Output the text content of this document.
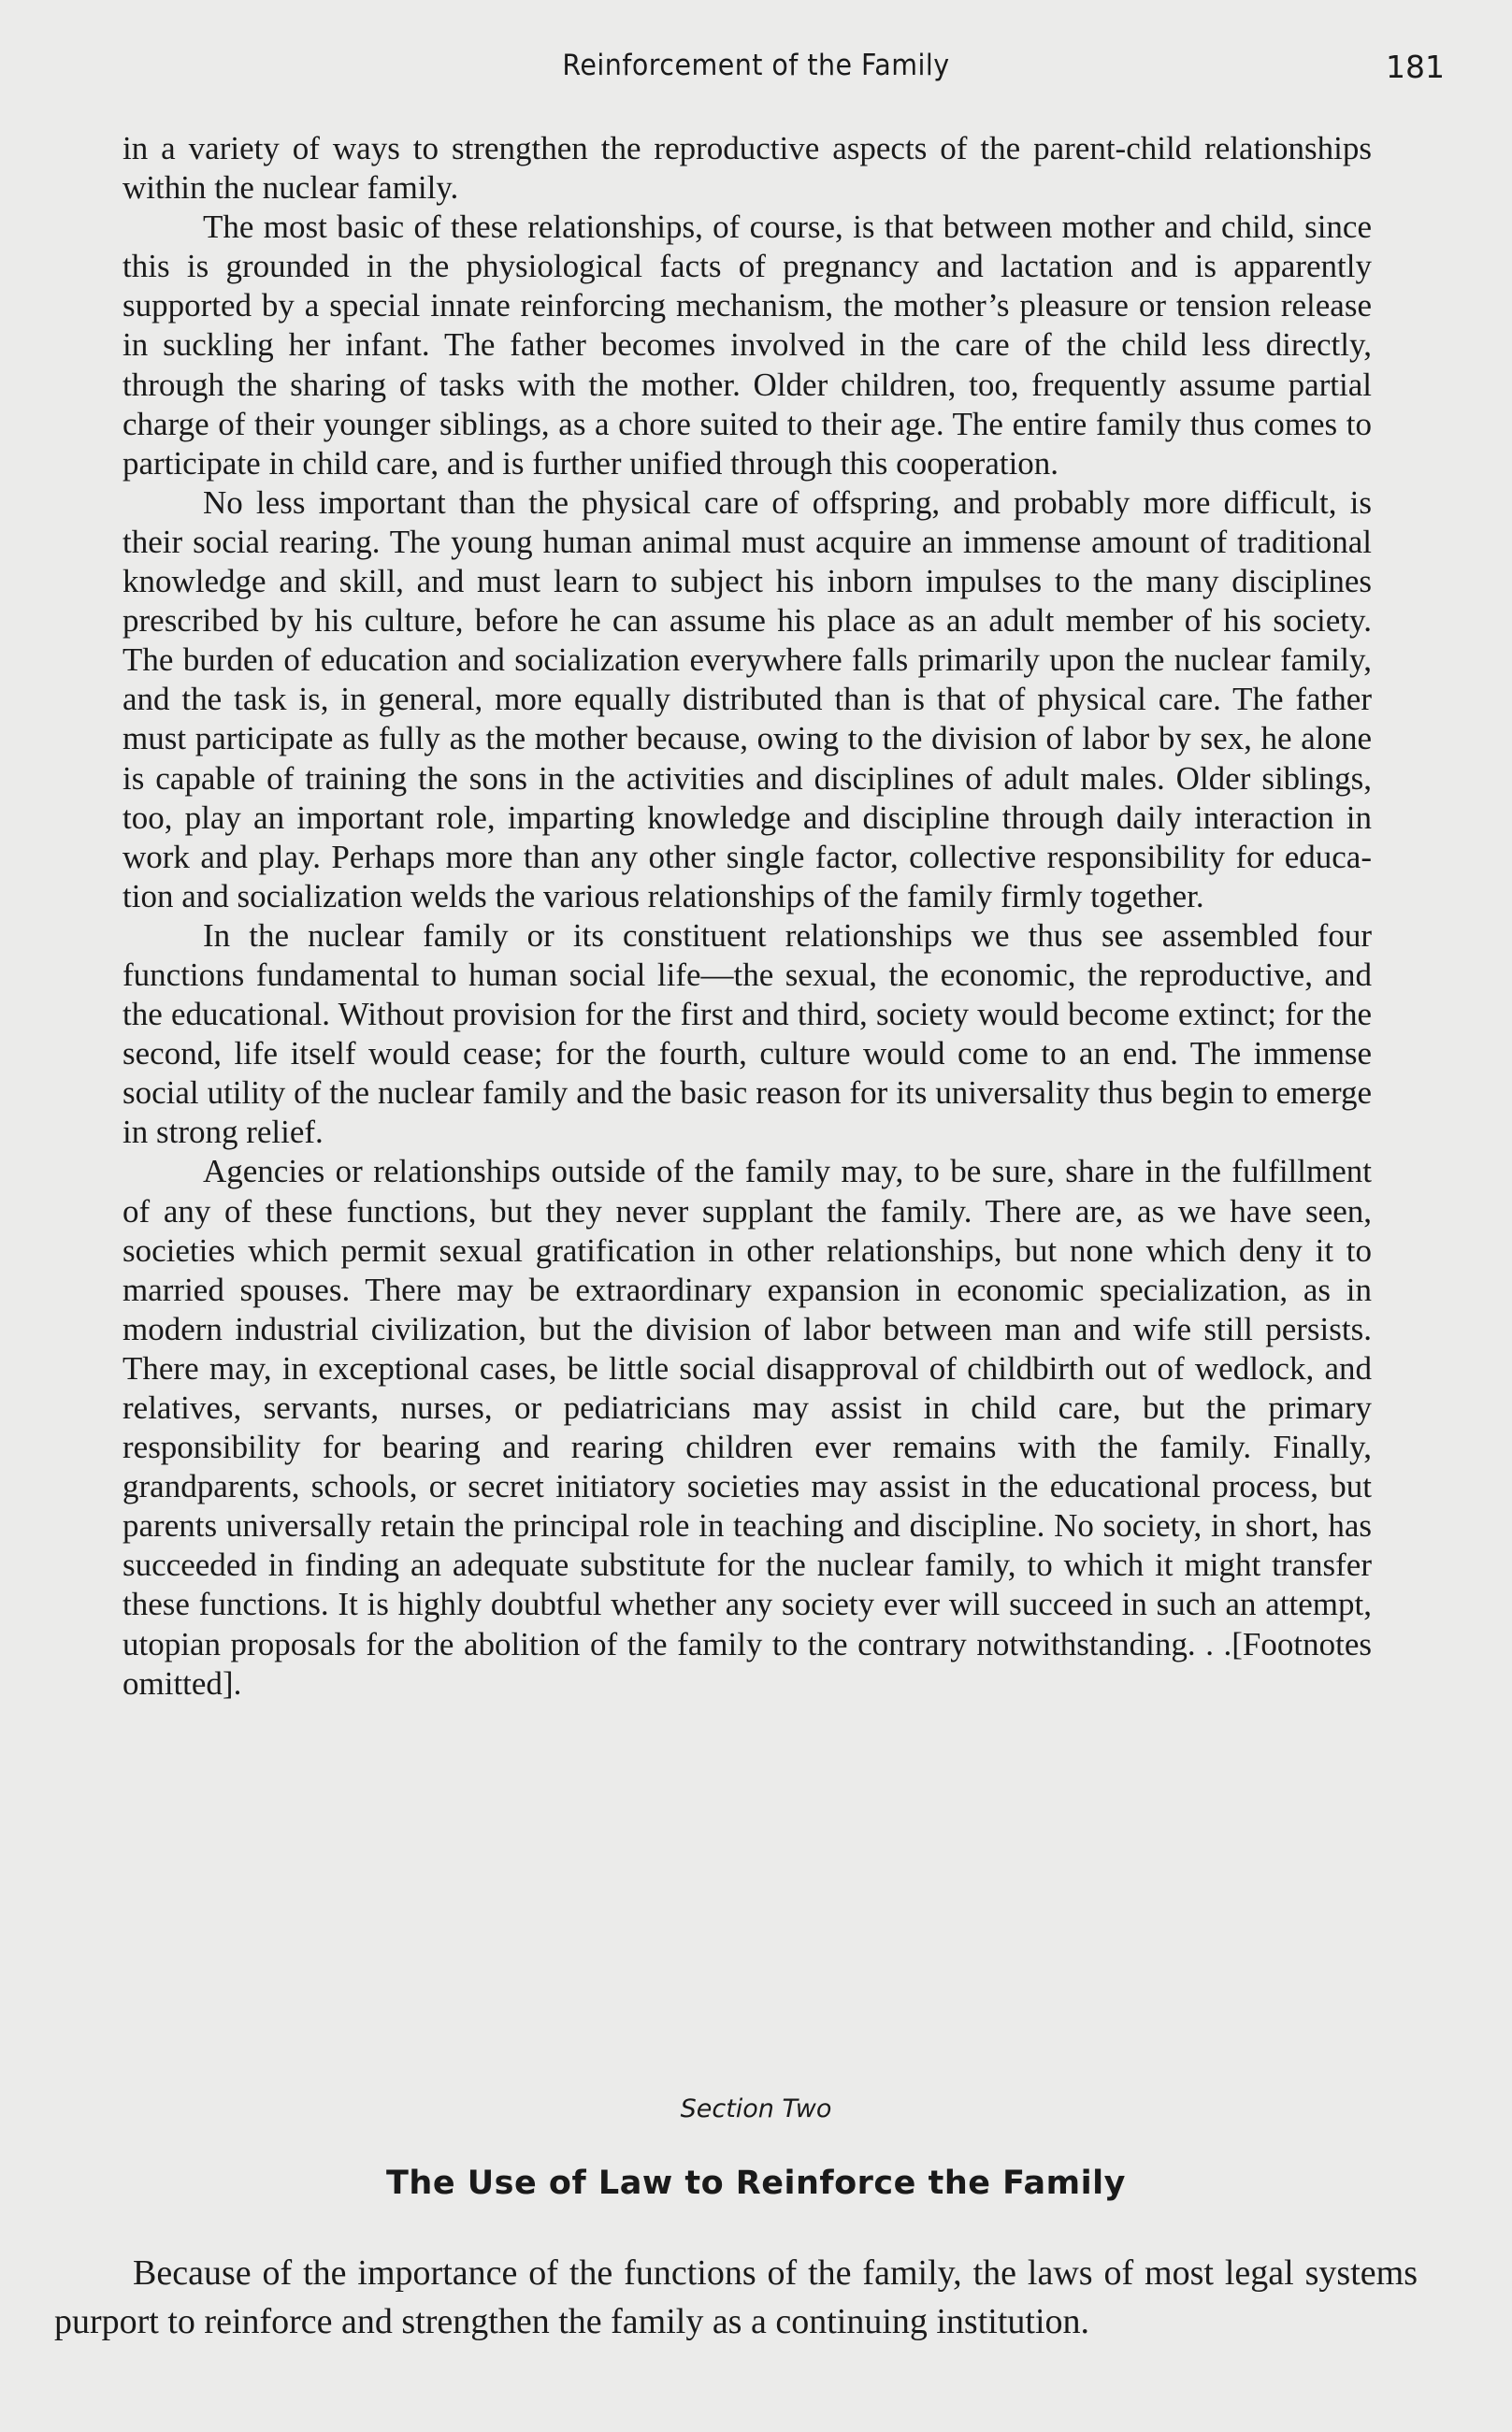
Reinforcement of the Family	181

in a variety of ways to strengthen the reproductive aspects of the parent-child relationships within the nuclear family.

The most basic of these relationships, of course, is that between mother and child, since this is grounded in the physiological facts of pregnancy and lactation and is apparently supported by a special innate reinforcing mechanism, the mother’s pleasure or tension release in suckling her infant. The father becomes involved in the care of the child less directly, through the sharing of tasks with the mother. Older children, too, frequently assume partial charge of their younger siblings, as a chore suited to their age. The entire family thus comes to participate in child care, and is further unified through this cooperation.

No less important than the physical care of offspring, and probably more difficult, is their social rearing. The young human animal must acquire an immense amount of traditional knowledge and skill, and must learn to subject his inborn impulses to the many disciplines prescribed by his culture, before he can assume his place as an adult member of his society. The burden of education and socialization everywhere falls primarily upon the nuclear family, and the task is, in general, more equally distributed than is that of physical care. The father must participate as fully as the mother because, owing to the division of labor by sex, he alone is capable of training the sons in the activities and disciplines of adult males. Older siblings, too, play an important role, imparting knowledge and discipline through daily interaction in work and play. Perhaps more than any other single factor, collective responsibility for education and socialization welds the various relationships of the family firmly together.

In the nuclear family or its constituent relationships we thus see assembled four functions fundamental to human social life—the sexual, the economic, the reproductive, and the educational. Without provision for the first and third, society would become extinct; for the second, life itself would cease; for the fourth, culture would come to an end. The immense social utility of the nuclear family and the basic reason for its universality thus begin to emerge in strong relief.

Agencies or relationships outside of the family may, to be sure, share in the fulfillment of any of these functions, but they never supplant the family. There are, as we have seen, societies which permit sexual gratification in other relationships, but none which deny it to married spouses. There may be extraordinary expansion in economic specialization, as in modern industrial civilization, but the division of labor between man and wife still persists. There may, in exceptional cases, be little social disapproval of childbirth out of wedlock, and relatives, servants, nurses, or pediatricians may assist in child care, but the primary responsibility for bearing and rearing children ever remains with the family. Finally, grandparents, schools, or secret initiatory societies may assist in the educational process, but parents universally retain the principal role in teaching and discipline. No society, in short, has succeeded in finding an adequate substitute for the nuclear family, to which it might transfer these functions. It is highly doubtful whether any society ever will succeed in such an attempt, utopian proposals for the abolition of the family to the contrary notwithstanding. . .[Footnotes omitted].

Section Two
The Use of Law to Reinforce the Family

Because of the importance of the functions of the family, the laws of most legal systems purport to reinforce and strengthen the family as a continuing institution.
